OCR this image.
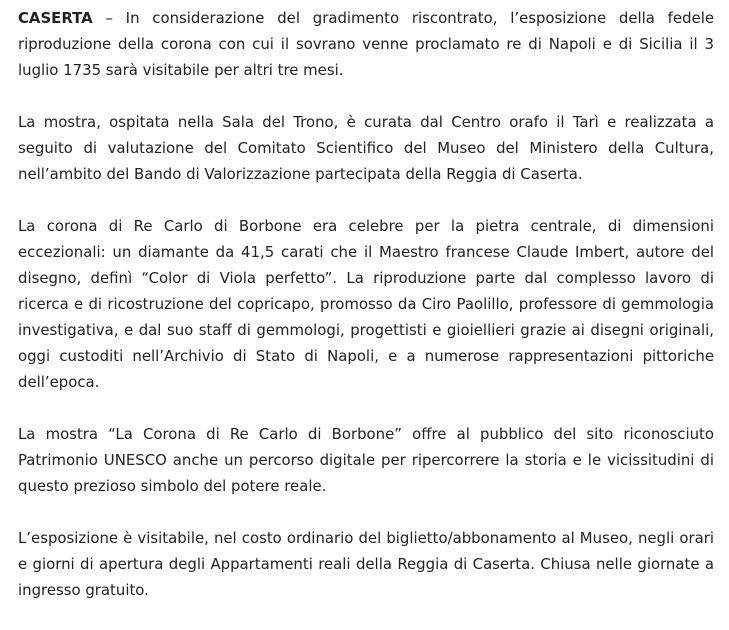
CASERTA – In considerazione del gradimento riscontrato, l’esposizione della fedele riproduzione della corona con cui il sovrano venne proclamato re di Napoli e di Sicilia il 3 luglio 1735 sarà visitabile per altri tre mesi.

La mostra, ospitata nella Sala del Trono, è curata dal Centro orafo il Tarì e realizzata a seguito di valutazione del Comitato Scientifico del Museo del Ministero della Cultura, nell’ambito del Bando di Valorizzazione partecipata della Reggia di Caserta.

La corona di Re Carlo di Borbone era celebre per la pietra centrale, di dimensioni eccezionali: un diamante da 41,5 carati che il Maestro francese Claude Imbert, autore del disegno, definì “Color di Viola perfetto”. La riproduzione parte dal complesso lavoro di ricerca e di ricostruzione del copricapo, promosso da Ciro Paolillo, professore di gemmologia investigativa, e dal suo staff di gemmologi, progettisti e gioiellieri grazie ai disegni originali, oggi custoditi nell’Archivio di Stato di Napoli, e a numerose rappresentazioni pittoriche dell’epoca.

La mostra “La Corona di Re Carlo di Borbone” offre al pubblico del sito riconosciuto Patrimonio UNESCO anche un percorso digitale per ripercorrere la storia e le vicissitudini di questo prezioso simbolo del potere reale.

L’esposizione è visitabile, nel costo ordinario del biglietto/abbonamento al Museo, negli orari e giorni di apertura degli Appartamenti reali della Reggia di Caserta. Chiusa nelle giornate a ingresso gratuito.
